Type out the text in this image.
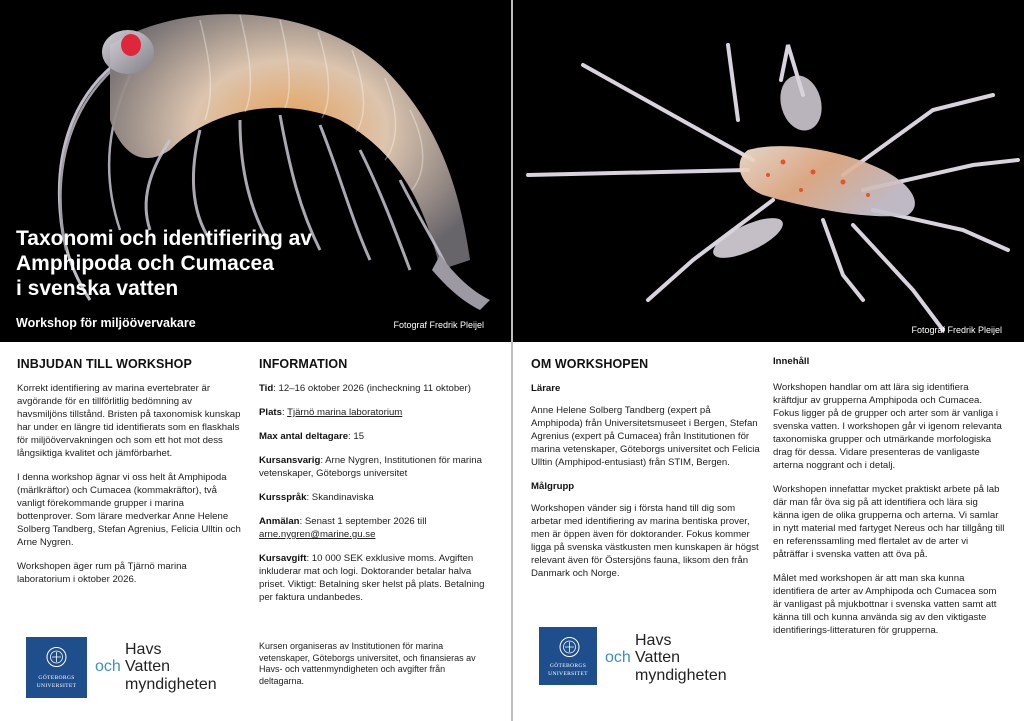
Taxonomi och identifiering av
Amphipoda och Cumacea
i svenska vatten
Workshop för miljöövervakare	Fotograf Fredrik Pleijel
INBJUDAN TILL WORKSHOP

Korrekt identifiering av marina evertebrater är avgörande för en tillförlitlig bedömning av havsmiljöns tillstånd. Bristen på taxonomisk kunskap har under en längre tid identifierats som en flaskhals för miljöövervakningen och som ett hot mot dess långsiktiga kvalitet och jämförbarhet.

I denna workshop ägnar vi oss helt åt Amphipoda (märlkräftor) och Cumacea (kommakräftor), två vanligt förekommande grupper i marina bottenprover. Som lärare medverkar Anne Helene Solberg Tandberg, Stefan Agrenius, Felicia Ulltin och Arne Nygren.

Workshopen äger rum på Tjärnö marina laboratorium i oktober 2026.

INFORMATION

Tid: 12–16 oktober 2026 (incheckning 11 oktober)

Plats: Tjärnö marina laboratorium

Max antal deltagare: 15

Kursansvarig: Arne Nygren, Institutionen för marina vetenskaper, Göteborgs universitet

Kursspråk: Skandinaviska

Anmälan: Senast 1 september 2026 till
arne.nygren@marine.gu.se

Kursavgift: 10 000 SEK exklusive moms. Avgiften inkluderar mat och logi. Doktorander betalar halva priset. Viktigt: Betalning sker helst på plats. Betalning per faktura undanbedes.

GÖTEBORGS
UNIVERSITET
Havs
och Vatten
myndigheten
Kursen organiseras av Institutionen för marina vetenskaper, Göteborgs universitet, och finansieras av Havs- och vattenmyndigheten och avgifter från deltagarna.
Fotograf Fredrik Pleijel
OM WORKSHOPEN
Lärare

Anne Helene Solberg Tandberg (expert på Amphipoda) från Universitetsmuseet i Bergen, Stefan Agrenius (expert på Cumacea) från Institutionen för marina vetenskaper, Göteborgs universitet och Felicia Ulltin (Amphipod-entusiast) från STIM, Bergen.

Målgrupp

Workshopen vänder sig i första hand till dig som arbetar med identifiering av marina bentiska prover, men är öppen även för doktorander. Fokus kommer ligga på svenska västkusten men kunskapen är högst relevant även för Östersjöns fauna, liksom den från Danmark och Norge.

Innehåll

Workshopen handlar om att lära sig identifiera kräftdjur av grupperna Amphipoda och Cumacea. Fokus ligger på de grupper och arter som är vanliga i svenska vatten. I workshopen går vi igenom relevanta taxonomiska grupper och utmärkande morfologiska drag för dessa. Vidare presenteras de vanligaste arterna noggrant och i detalj.

Workshopen innefattar mycket praktiskt arbete på lab där man får öva sig på att identifiera och lära sig känna igen de olika grupperna och arterna. Vi samlar in nytt material med fartyget Nereus och har tillgång till en referenssamling med flertalet av de arter vi påträffar i svenska vatten att öva på.

Målet med workshopen är att man ska kunna identifiera de arter av Amphipoda och Cumacea som är vanligast på mjukbottnar i svenska vatten samt att känna till och kunna använda sig av den viktigaste identifierings-litteraturen för grupperna.

GÖTEBORGS
UNIVERSITET
Havs
och Vatten
myndigheten
